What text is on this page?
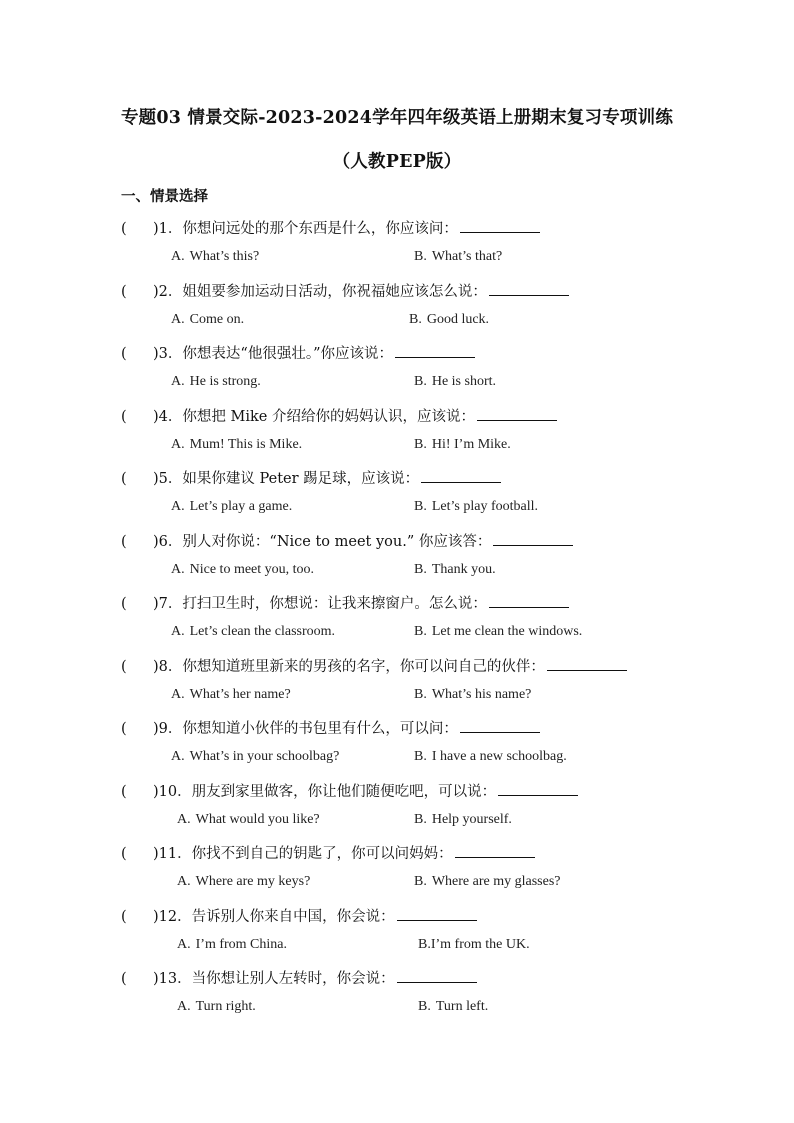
专题03 情景交际-2023-2024学年四年级英语上册期末复习专项训练
（人教PEP版）
一、情景选择
( )1．你想问远处的那个东西是什么，你应该问：
A. What’s this?	B. What’s that?
( )2．姐姐要参加运动日活动，你祝福她应该怎么说：
A. Come on.	B. Good luck.
( )3．你想表达“他很强壮。”你应该说：
A. He is strong.	B. He is short.
( )4．你想把 Mike 介绍给你的妈妈认识，应该说：
A. Mum! This is Mike.	B. Hi! I’m Mike.
( )5．如果你建议 Peter 踢足球，应该说：
A. Let’s play a game.	B. Let’s play football.
( )6．别人对你说：“Nice to meet you.” 你应该答：
A. Nice to meet you, too.	B. Thank you.
( )7．打扫卫生时，你想说：让我来擦窗户。怎么说：
A. Let’s clean the classroom.	B. Let me clean the windows.
( )8．你想知道班里新来的男孩的名字，你可以问自己的伙伴：
A. What’s her name?	B. What’s his name?
( )9．你想知道小伙伴的书包里有什么，可以问：
A. What’s in your schoolbag?	B. I have a new schoolbag.
( )10．朋友到家里做客，你让他们随便吃吧，可以说：
A. What would you like?	B. Help yourself.
( )11．你找不到自己的钥匙了，你可以问妈妈：
A. Where are my keys?	B. Where are my glasses?
( )12．告诉别人你来自中国，你会说：
A. I’m from China.	B.I’m from the UK.
( )13．当你想让别人左转时，你会说：
A. Turn right.	B. Turn left.
